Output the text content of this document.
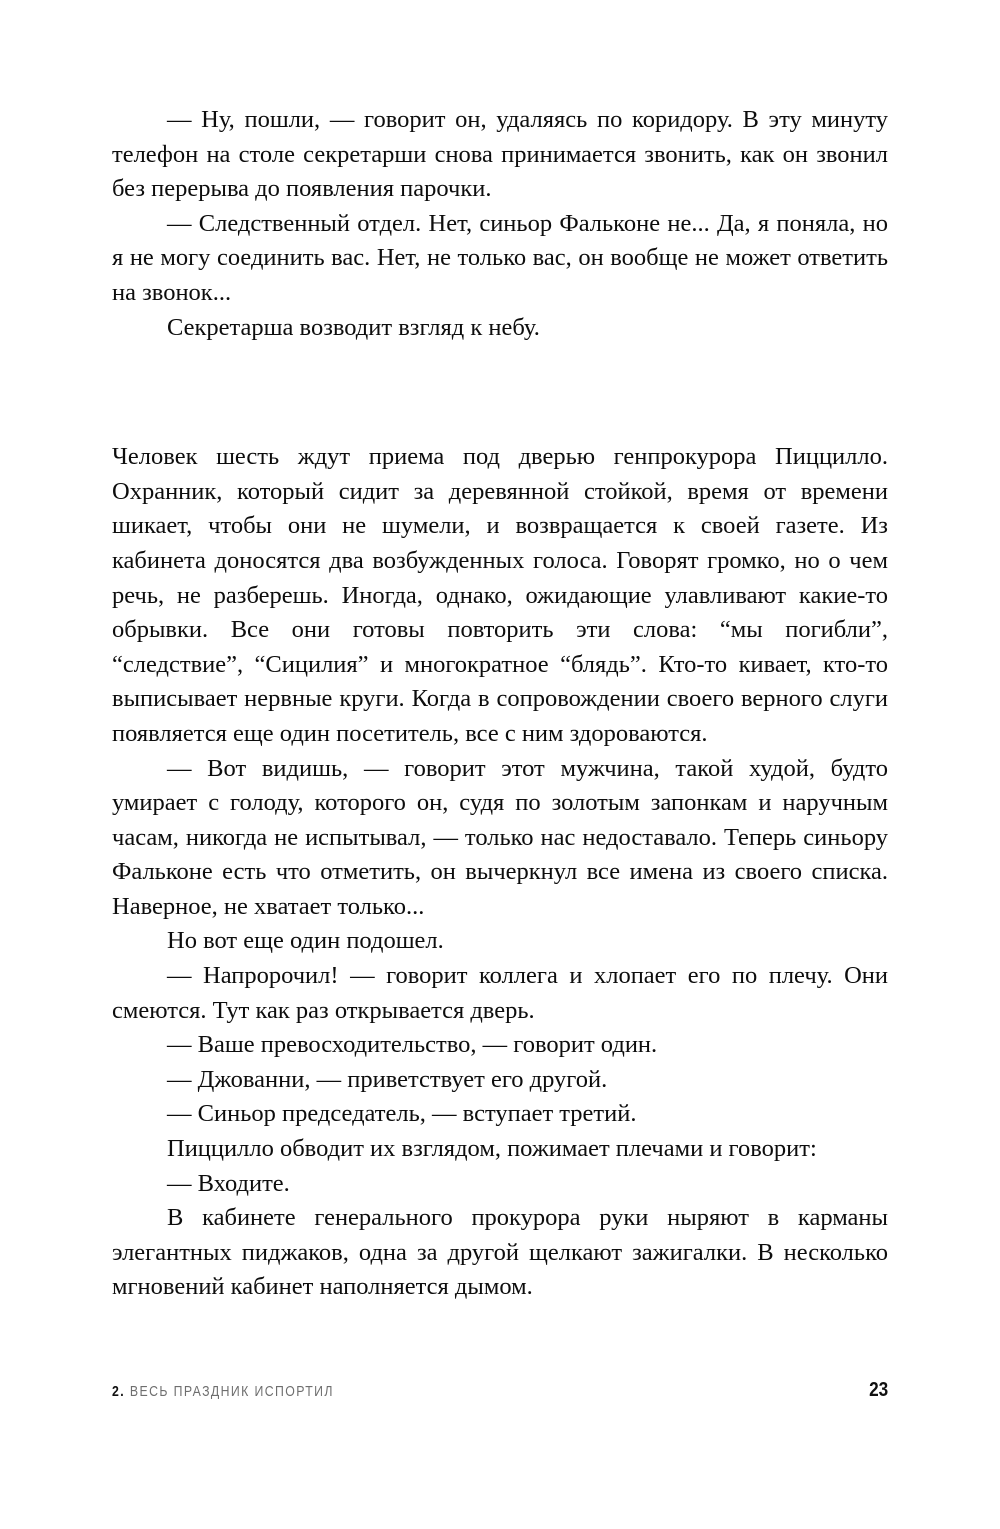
— Ну, пошли, — говорит он, удаляясь по коридору. В эту минуту телефон на столе секретарши снова принимается звонить, как он звонил без перерыва до появления парочки.

— Следственный отдел. Нет, синьор Фальконе не... Да, я поняла, но я не могу соединить вас. Нет, не только вас, он вообще не может ответить на звонок...

Секретарша возводит взгляд к небу.

Человек шесть ждут приема под дверью генпрокурора Пиццилло. Охранник, который сидит за деревянной стойкой, время от времени шикает, чтобы они не шумели, и возвращается к своей газете. Из кабинета доносятся два возбужденных голоса. Говорят громко, но о чем речь, не разберешь. Иногда, однако, ожидающие улавливают какие-то обрывки. Все они готовы повторить эти слова: “мы погибли”, “следствие”, “Сицилия” и многократное “блядь”. Кто-то кивает, кто-то выписывает нервные круги. Когда в сопровождении своего верного слуги появляется еще один посетитель, все с ним здороваются.

— Вот видишь, — говорит этот мужчина, такой худой, будто умирает с голоду, которого он, судя по золотым запонкам и наручным часам, никогда не испытывал, — только нас недоставало. Теперь синьору Фальконе есть что отметить, он вычеркнул все имена из своего списка. Наверное, не хватает только...

Но вот еще один подошел.

— Напророчил! — говорит коллега и хлопает его по плечу. Они смеются. Тут как раз открывается дверь.

— Ваше превосходительство, — говорит один.

— Джованни, — приветствует его другой.

— Синьор председатель, — вступает третий.

Пиццилло обводит их взглядом, пожимает плечами и говорит:

— Входите.

В кабинете генерального прокурора руки ныряют в карманы элегантных пиджаков, одна за другой щелкают зажигалки. В несколько мгновений кабинет наполняется дымом.

2. ВЕСЬ ПРАЗДНИК ИСПОРТИЛ	23
